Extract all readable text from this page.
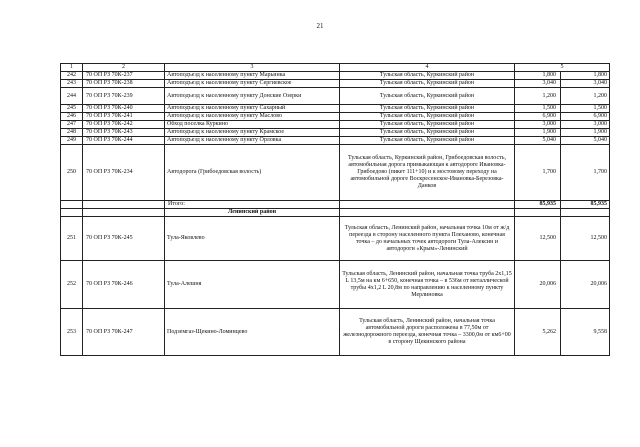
21
1	2	3	4	5	
242	70 ОП РЗ 70К-237	Автоподъезд к населенному пункту Марьинка	Тульская область, Куркинский район	1,800	1,800
243	70 ОП РЗ 70К-238	Автоподъезд к населенному пункту Сергиевское	Тульская область, Куркинский район	3,040	3,040
244	70 ОП РЗ 70К-239	Автоподъезд к населенному пункту Донские Озерки	Тульская область, Куркинский район	1,200	1,200
245	70 ОП РЗ 70К-240	Автоподъезд к населенному пункту Сахарный	Тульская область, Куркинский район	1,500	1,500
246	70 ОП РЗ 70К-241	Автоподъезд к населенному пункту Маслово	Тульская область, Куркинский район	6,900	6,900
247	70 ОП РЗ 70К-242	Обход поселка Куркино	Тульская область, Куркинский район	3,000	3,000
248	70 ОП РЗ 70К-243	Автоподъезд к населенному пункту Крамское	Тульская область, Куркинский район	1,900	1,900
249	70 ОП РЗ 70К-244	Автоподъезд к населенному пункту Орловка	Тульская область, Куркинский район	5,040	5,040
250	70 ОП РЗ 70К-234	Автодорога (Грибоедовская волость)	Тульская область, Куркинский район, Грибоедовская волость, автомобильная дорога примыкающая к автодороге Ивановка-Грибоедово (пикет 111+10) и к мостовому переходу на автомобильной дороге Воскресенское-Ивановка-Березовка-Данков	1,700	1,700
		Итого:		85,935	85,935
		Ленинский район			
251	70 ОП РЗ 70К-245	Тула-Яковлево	Тульская область, Ленинский район, начальная точка 10м от ж/д переезда в сторону населенного пункта Плеханово, конечная точка – до начальных точек автодороги Тула-Алексин и автодороги «Крым»-Ленинский	12,500	12,500
252	70 ОП РЗ 70К-246	Тула-Алешня	Тульская область, Ленинский район, начальная точка труба 2х1,15 L 13,5м на км 6+650, конечная точка – в 536м от металлической трубы 4х1,2 L 20,8м по направлению к населенному пункту Мерлиновка	20,006	20,006
253	70 ОП РЗ 70К-247	Подземгаз-Щекино-Ломинцево	Тульская область, Ленинский район, начальная точка автомобильной дороги расположена в 77,50м от железнодорожного переезда, конечная точка – 3300,0м от км6+00 в сторону Щекинского района	5,262	9,558
